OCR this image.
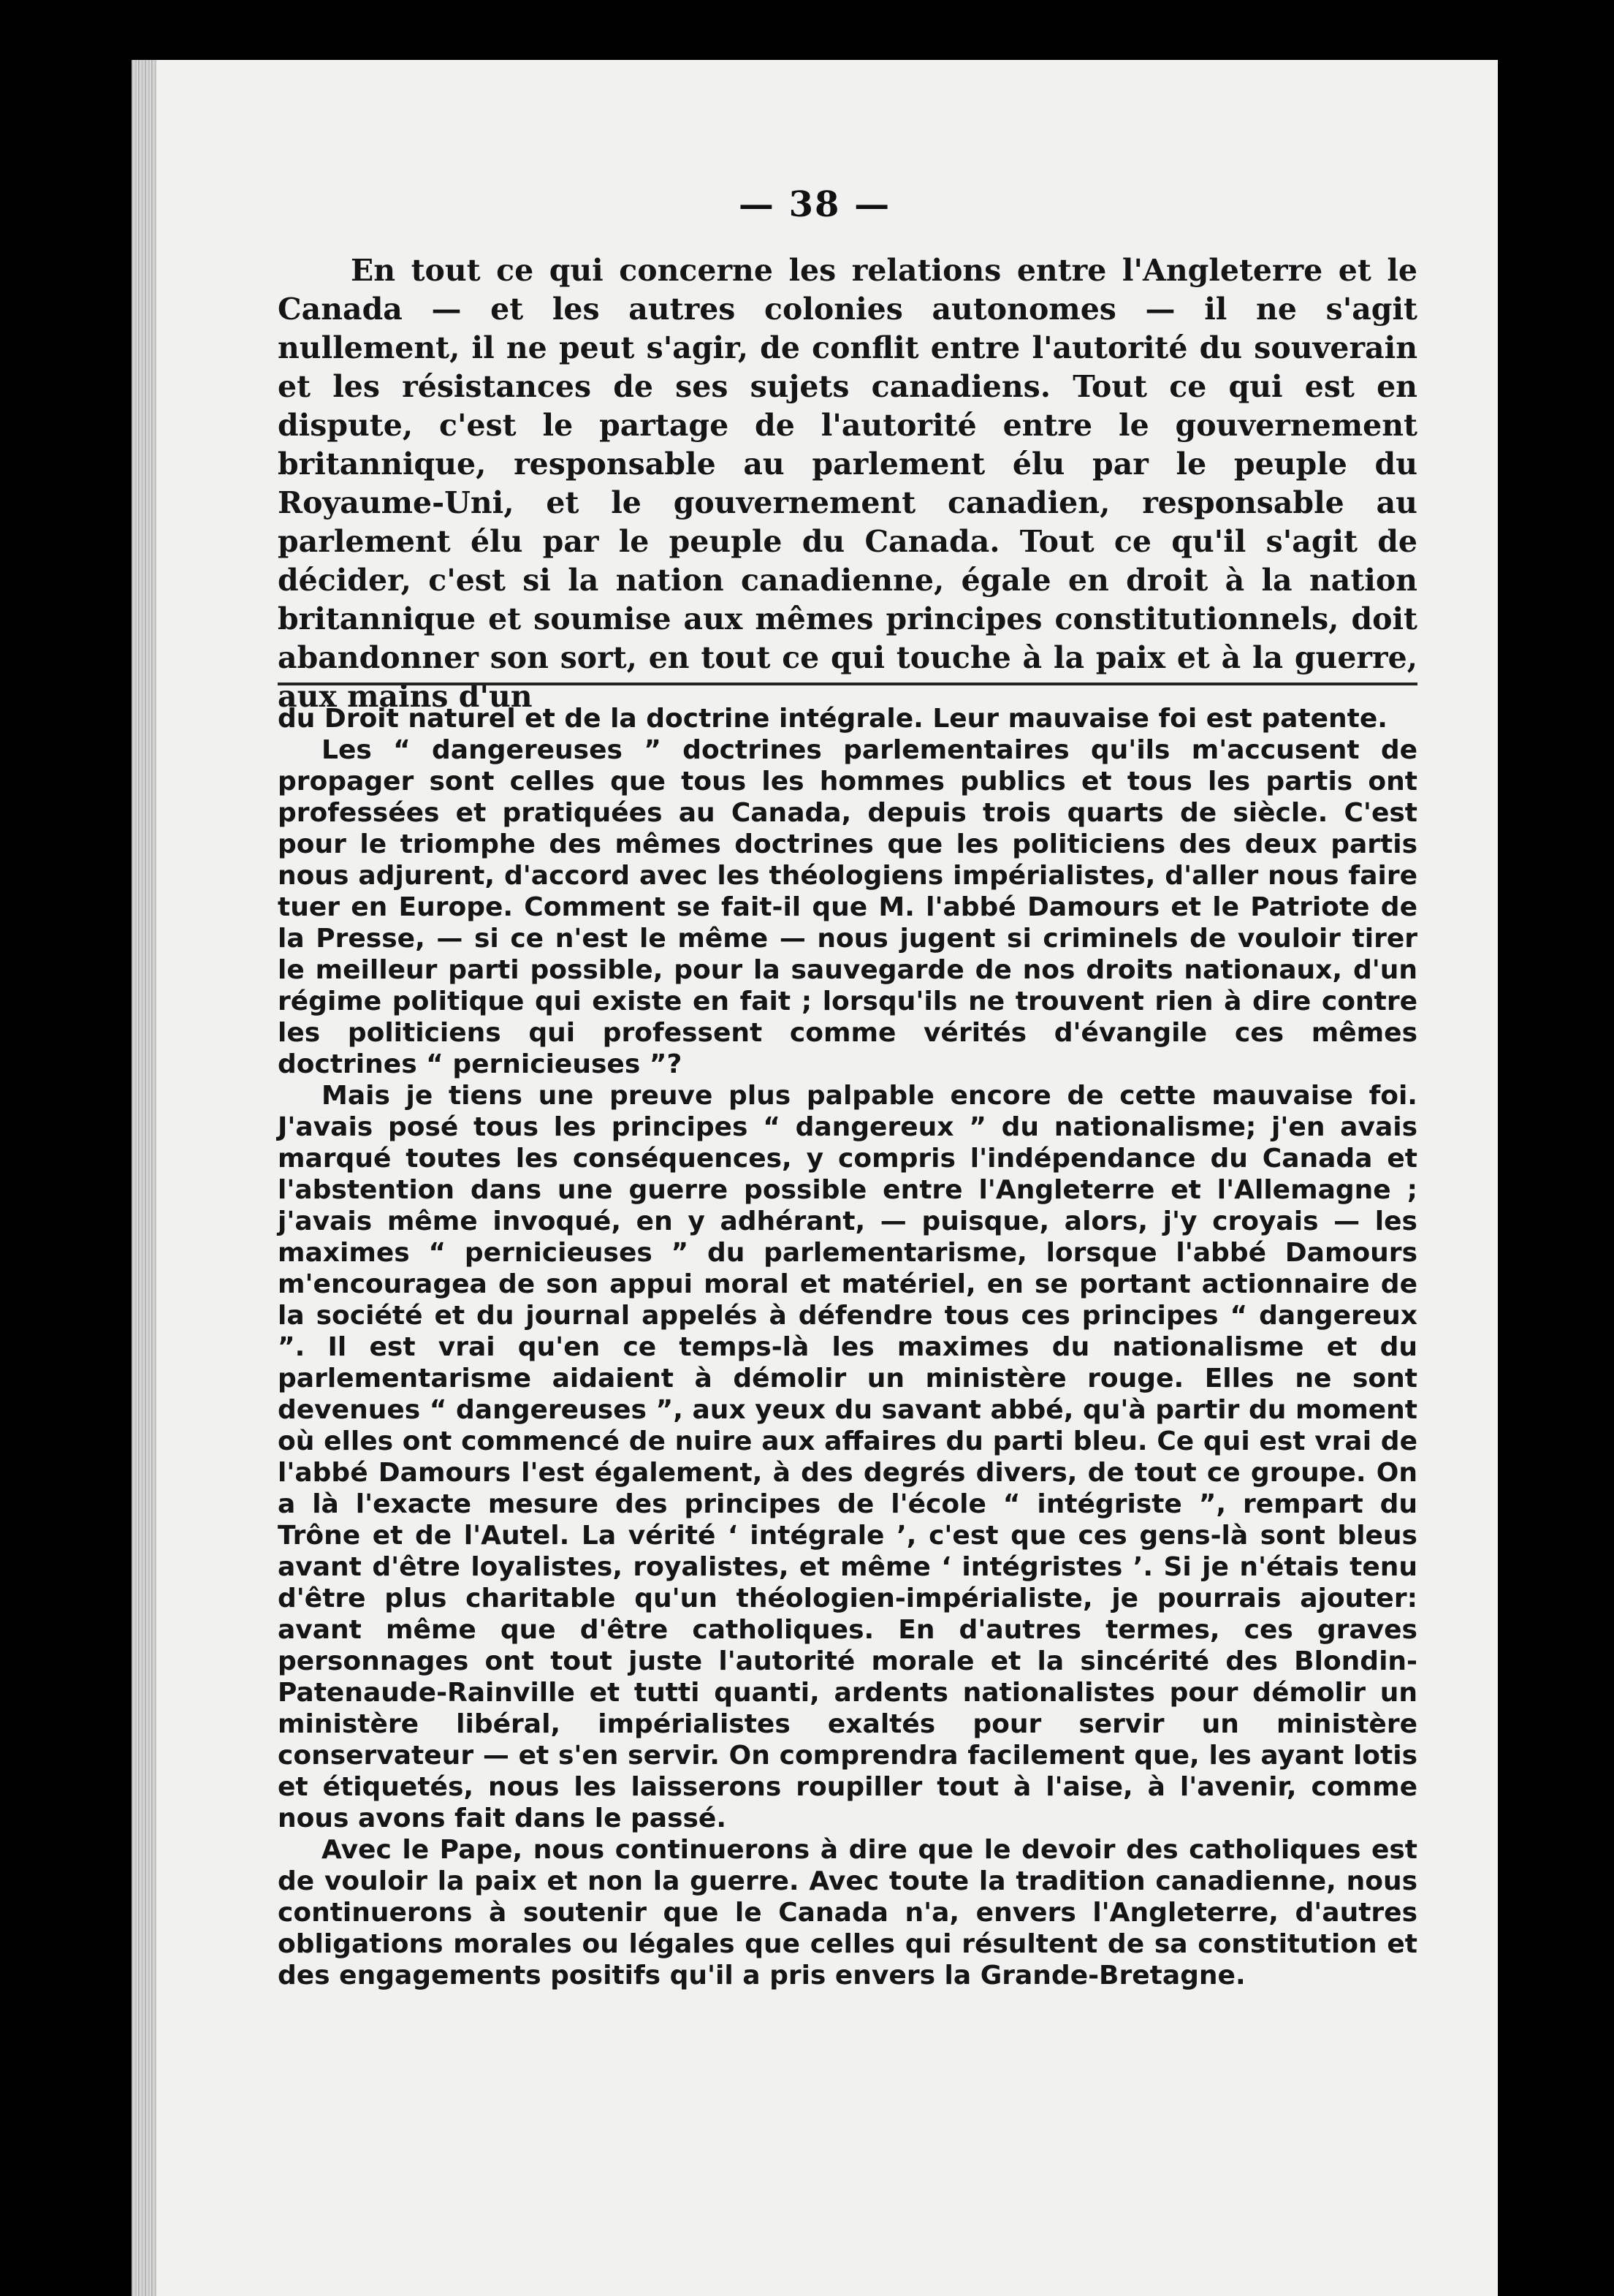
— 38 —

En tout ce qui concerne les relations entre l'Angleterre et le Canada — et les autres colonies autonomes — il ne s'agit nullement, il ne peut s'agir, de conflit entre l'autorité du souverain et les résistances de ses sujets canadiens. Tout ce qui est en dispute, c'est le partage de l'autorité entre le gouvernement britannique, responsable au parlement élu par le peuple du Royaume-Uni, et le gouvernement canadien, responsable au parlement élu par le peuple du Canada. Tout ce qu'il s'agit de décider, c'est si la nation canadienne, égale en droit à la nation britannique et soumise aux mêmes principes constitutionnels, doit abandonner son sort, en tout ce qui touche à la paix et à la guerre, aux mains d'un

du Droit naturel et de la doctrine intégrale. Leur mauvaise foi est patente.

Les “ dangereuses ” doctrines parlementaires qu'ils m'accusent de propager sont celles que tous les hommes publics et tous les partis ont professées et pratiquées au Canada, depuis trois quarts de siècle. C'est pour le triomphe des mêmes doctrines que les politiciens des deux partis nous adjurent, d'accord avec les théologiens impérialistes, d'aller nous faire tuer en Europe. Comment se fait-il que M. l'abbé Damours et le Patriote de la Presse, — si ce n'est le même — nous jugent si criminels de vouloir tirer le meilleur parti possible, pour la sauvegarde de nos droits nationaux, d'un régime politique qui existe en fait ; lorsqu'ils ne trouvent rien à dire contre les politiciens qui professent comme vérités d'évangile ces mêmes doctrines “ pernicieuses ”?

Mais je tiens une preuve plus palpable encore de cette mauvaise foi. J'avais posé tous les principes “ dangereux ” du nationalisme; j'en avais marqué toutes les conséquences, y compris l'indépendance du Canada et l'abstention dans une guerre possible entre l'Angleterre et l'Allemagne ; j'avais même invoqué, en y adhérant, — puisque, alors, j'y croyais — les maximes “ pernicieuses ” du parlementarisme, lorsque l'abbé Damours m'encouragea de son appui moral et matériel, en se portant actionnaire de la société et du journal appelés à défendre tous ces principes “ dangereux ”. Il est vrai qu'en ce temps-là les maximes du nationalisme et du parlementarisme aidaient à démolir un ministère rouge. Elles ne sont devenues “ dangereuses ”, aux yeux du savant abbé, qu'à partir du moment où elles ont commencé de nuire aux affaires du parti bleu. Ce qui est vrai de l'abbé Damours l'est également, à des degrés divers, de tout ce groupe. On a là l'exacte mesure des principes de l'école “ intégriste ”, rempart du Trône et de l'Autel. La vérité ‘ intégrale ’, c'est que ces gens-là sont bleus avant d'être loyalistes, royalistes, et même ‘ intégristes ’. Si je n'étais tenu d'être plus charitable qu'un théologien-impérialiste, je pourrais ajouter: avant même que d'être catholiques. En d'autres termes, ces graves personnages ont tout juste l'autorité morale et la sincérité des Blondin-Patenaude-Rainville et tutti quanti, ardents nationalistes pour démolir un ministère libéral, impérialistes exaltés pour servir un ministère conservateur — et s'en servir. On comprendra facilement que, les ayant lotis et étiquetés, nous les laisserons roupiller tout à l'aise, à l'avenir, comme nous avons fait dans le passé.

Avec le Pape, nous continuerons à dire que le devoir des catholiques est de vouloir la paix et non la guerre. Avec toute la tradition canadienne, nous continuerons à soutenir que le Canada n'a, envers l'Angleterre, d'autres obligations morales ou légales que celles qui résultent de sa constitution et des engagements positifs qu'il a pris envers la Grande-Bretagne.
